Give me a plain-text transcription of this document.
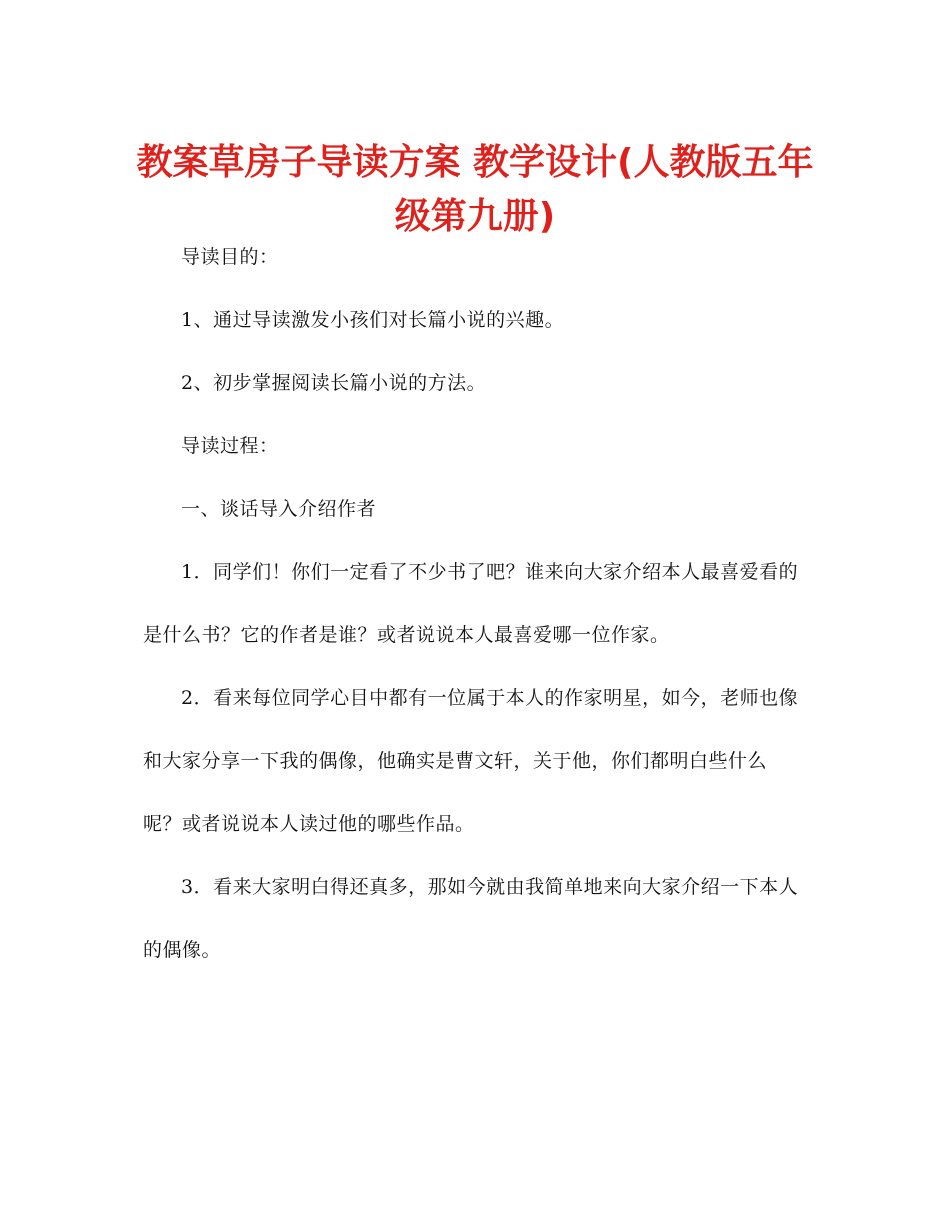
教案草房子导读方案 教学设计(人教版五年级第九册)

导读目的：

1、通过导读激发小孩们对长篇小说的兴趣。

2、初步掌握阅读长篇小说的方法。

导读过程：

一、谈话导入介绍作者

1．同学们！你们一定看了不少书了吧？谁来向大家介绍本人最喜爱看的是什么书？它的作者是谁？或者说说本人最喜爱哪一位作家。

2．看来每位同学心目中都有一位属于本人的作家明星，如今，老师也像和大家分享一下我的偶像，他确实是曹文轩，关于他，你们都明白些什么呢？或者说说本人读过他的哪些作品。

3．看来大家明白得还真多，那如今就由我简单地来向大家介绍一下本人的偶像。
